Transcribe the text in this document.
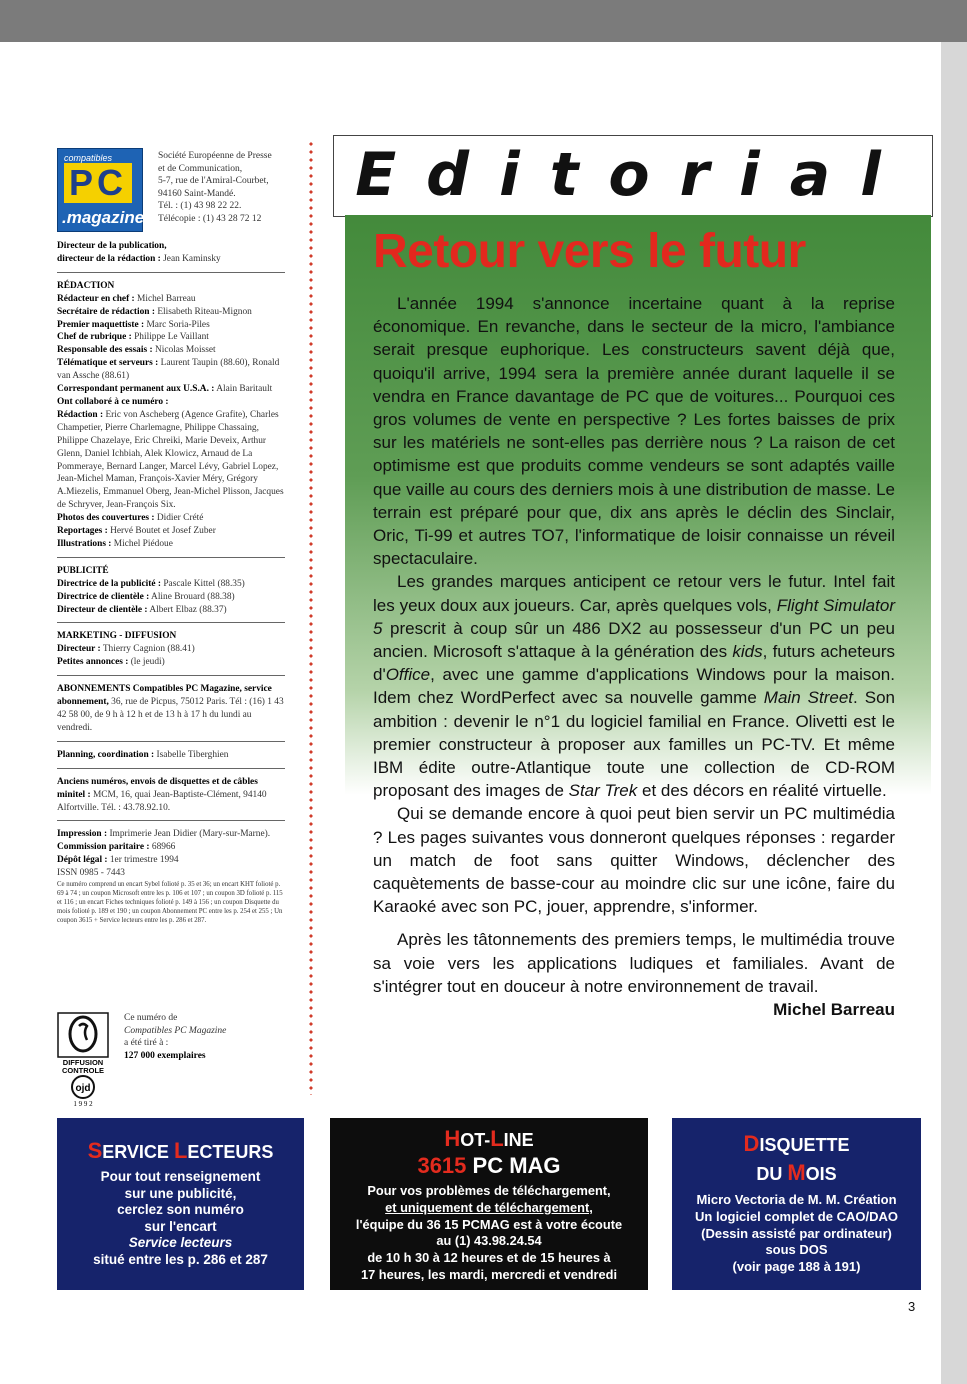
compatibles
PC
.magazine.
Société Européenne de Presse
et de Communication,
5-7, rue de l'Amiral-Courbet,
94160 Saint-Mandé.
Tél. : (1) 43 98 22 22.
Télécopie : (1) 43 28 72 12
Directeur de la publication,
directeur de la rédaction : Jean Kaminsky
RÉDACTION
Rédacteur en chef : Michel Barreau
Secrétaire de rédaction : Elisabeth Riteau-Mignon
Premier maquettiste : Marc Soria-Piles
Chef de rubrique : Philippe Le Vaillant
Responsable des essais : Nicolas Moisset
Télématique et serveurs : Laurent Taupin (88.60), Ronald van Assche (88.61)
Correspondant permanent aux U.S.A. : Alain Baritault
Ont collaboré à ce numéro :
Rédaction : Eric von Ascheberg (Agence Grafite), Charles Champetier, Pierre Charlemagne, Philippe Chassaing, Philippe Chazelaye, Eric Chreiki, Marie Deveix, Arthur Glenn, Daniel Ichbiah, Alek Klowicz, Arnaud de La Pommeraye, Bernard Langer, Marcel Lévy, Gabriel Lopez, Jean-Michel Maman, François-Xavier Méry, Grégory A.Miezelis, Emmanuel Oberg, Jean-Michel Plisson, Jacques de Schryver, Jean-François Six.
Photos des couvertures : Didier Crété
Reportages : Hervé Boutet et Josef Zuber
Illustrations : Michel Piédoue
PUBLICITÉ
Directrice de la publicité : Pascale Kittel (88.35)
Directrice de clientèle : Aline Brouard (88.38)
Directeur de clientèle : Albert Elbaz (88.37)
MARKETING - DIFFUSION
Directeur : Thierry Cagnion (88.41)
Petites annonces : (le jeudi)
ABONNEMENTS Compatibles PC Magazine, service abonnement, 36, rue de Picpus, 75012 Paris. Tél : (16) 1 43 42 58 00, de 9 h à 12 h et de 13 h à 17 h du lundi au vendredi.
Planning, coordination : Isabelle Tiberghien
Anciens numéros, envois de disquettes et de câbles minitel : MCM, 16, quai Jean-Baptiste-Clément, 94140 Alfortville. Tél. : 43.78.92.10.
Impression : Imprimerie Jean Didier (Mary-sur-Marne).
Commission paritaire : 68966
Dépôt légal : 1er trimestre 1994
ISSN 0985 - 7443
Ce numéro comprend un encart Sybel folioté p. 35 et 36; un encart KHT folioté p. 69 à 74 ; un coupon Microsoft entre les p. 106 et 107 ; un coupon 3D folioté p. 115 et 116 ; un encart Fiches techniques folioté p. 149 à 156 ; un coupon Disquette du mois folioté p. 189 et 190 ; un coupon Abonnement PC entre les p. 254 et 255 ; Un coupon 3615 + Service lecteurs entre les p. 286 et 287.
DIFFUSION
CONTROLE
ojd
1 9 9 2
Ce numéro de
Compatibles PC Magazine
a été tiré à :
127 000 exemplaires
Editorial
Retour vers le futur

L'année 1994 s'annonce incertaine quant à la reprise économique. En revanche, dans le secteur de la micro, l'ambiance serait presque euphorique. Les constructeurs savent déjà que, quoiqu'il arrive, 1994 sera la première année durant laquelle il se vendra en France davantage de PC que de voitures... Pourquoi ces gros volumes de vente en perspective ? Les fortes baisses de prix sur les matériels ne sont-elles pas derrière nous ? La raison de cet optimisme est que produits comme vendeurs se sont adaptés vaille que vaille au cours des derniers mois à une distribution de masse. Le terrain est préparé pour que, dix ans après le déclin des Sinclair, Oric, Ti-99 et autres TO7, l'informatique de loisir connaisse un réveil spectaculaire.

Les grandes marques anticipent ce retour vers le futur. Intel fait les yeux doux aux joueurs. Car, après quelques vols, Flight Simulator 5 prescrit à coup sûr un 486 DX2 au possesseur d'un PC un peu ancien. Microsoft s'attaque à la génération des kids, futurs acheteurs d'Office, avec une gamme d'applications Windows pour la maison. Idem chez WordPerfect avec sa nouvelle gamme Main Street. Son ambition : devenir le n°1 du logiciel familial en France. Olivetti est le premier constructeur à proposer aux familles un PC-TV. Et même IBM édite outre-Atlantique toute une collection de CD-ROM proposant des images de Star Trek et des décors en réalité virtuelle.

Qui se demande encore à quoi peut bien servir un PC multimédia ? Les pages suivantes vous donneront quelques réponses : regarder un match de foot sans quitter Windows, déclencher des caquètements de basse-cour au moindre clic sur une icône, faire du Karaoké avec son PC, jouer, apprendre, s'informer.

Après les tâtonnements des premiers temps, le multimédia trouve sa voie vers les applications ludiques et familiales. Avant de s'intégrer tout en douceur à notre environnement de travail.

Michel Barreau

SERVICE LECTEURS
Pour tout renseignement
sur une publicité,
cerclez son numéro
sur l'encart
Service lecteurs
situé entre les p. 286 et 287
HOT-LINE
3615 PC MAG
Pour vos problèmes de téléchargement,
et uniquement de téléchargement,
l'équipe du 36 15 PCMAG est à votre écoute
au (1) 43.98.24.54
de 10 h 30 à 12 heures et de 15 heures à
17 heures, les mardi, mercredi et vendredi
DISQUETTE
DU MOIS
Micro Vectoria de M. M. Création
Un logiciel complet de CAO/DAO
(Dessin assisté par ordinateur)
sous DOS
(voir page 188 à 191)
3
